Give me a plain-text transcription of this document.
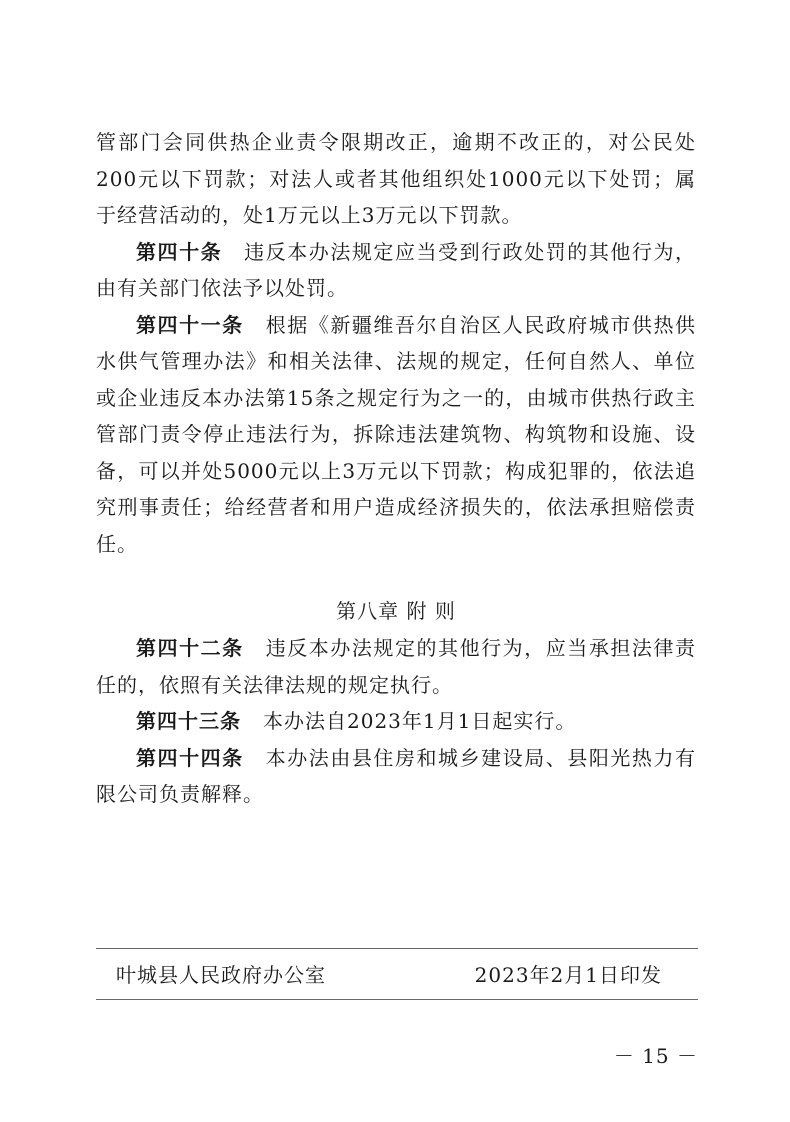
管部门会同供热企业责令限期改正，逾期不改正的，对公民处200元以下罚款；对法人或者其他组织处1000元以下处罚；属于经营活动的，处1万元以上3万元以下罚款。

第四十条 违反本办法规定应当受到行政处罚的其他行为，由有关部门依法予以处罚。

第四十一条 根据《新疆维吾尔自治区人民政府城市供热供水供气管理办法》和相关法律、法规的规定，任何自然人、单位或企业违反本办法第15条之规定行为之一的，由城市供热行政主管部门责令停止违法行为，拆除违法建筑物、构筑物和设施、设备，可以并处5000元以上3万元以下罚款；构成犯罪的，依法追究刑事责任；给经营者和用户造成经济损失的，依法承担赔偿责任。

第八章 附 则

第四十二条 违反本办法规定的其他行为，应当承担法律责任的，依照有关法律法规的规定执行。

第四十三条 本办法自2023年1月1日起实行。

第四十四条 本办法由县住房和城乡建设局、县阳光热力有限公司负责解释。

叶城县人民政府办公室	2023年2月1日印发
－ 15 －
